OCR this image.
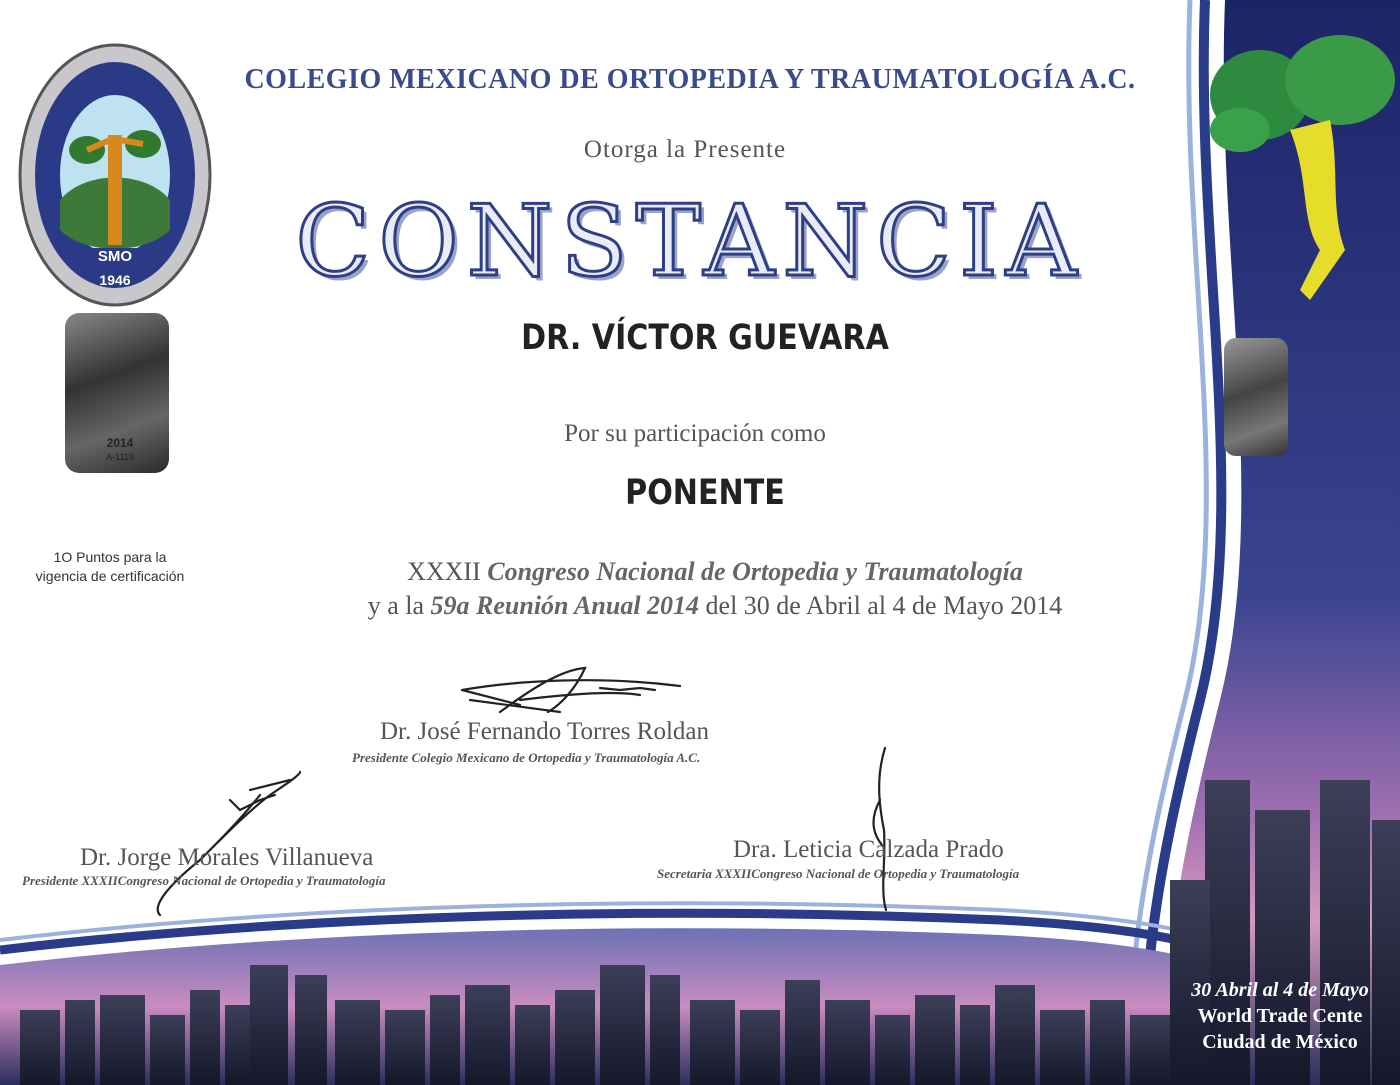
SMO
1946
2014
A-1119
COLEGIO MEXICANO DE ORTOPEDIA Y TRAUMATOLOGÍA A.C.
Otorga la Presente
CONSTANCIA
DR. VÍCTOR GUEVARA
Por su participación como
PONENTE
XXXII Congreso Nacional de Ortopedia y Traumatología
y a la 59a Reunión Anual 2014 del 30 de Abril al 4 de Mayo 2014
1O Puntos para la
vigencia de certificación
Dr. José Fernando Torres Roldan
Presidente Colegio Mexicano de Ortopedia y Traumatología A.C.
Dr. Jorge Morales Villanueva
Presidente XXXIICongreso Nacional de Ortopedia y Traumatología
Dra. Leticia Calzada Prado
Secretaria XXXIICongreso Nacional de Ortopedia y Traumatología
30 Abril al 4 de Mayo
World Trade Cente
Ciudad de México
